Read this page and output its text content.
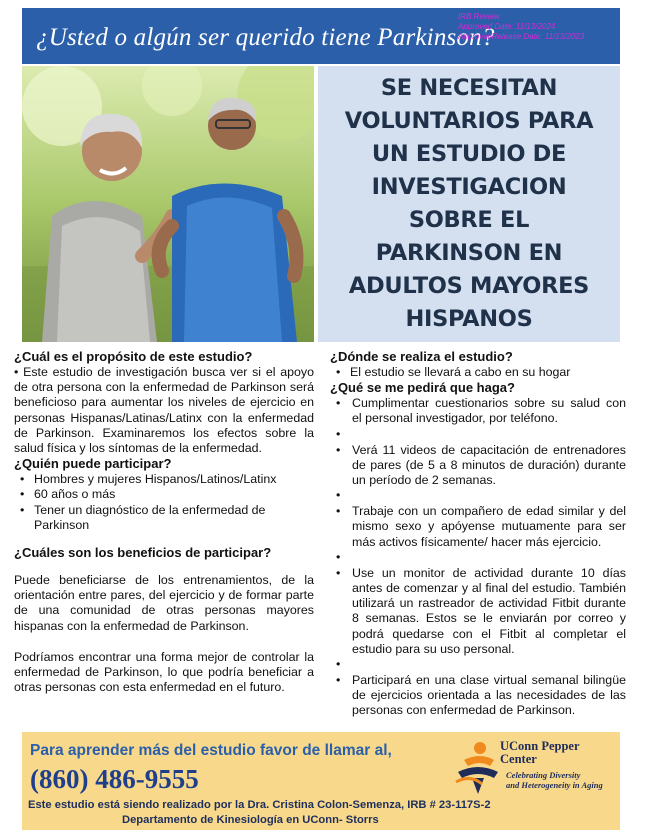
¿Usted o algún ser querido tiene Parkinson?
IRB Review
Approved Date: 11/13/2024
Approval/Release Date: 11/13/2023
SE NECESITAN
VOLUNTARIOS PARA
UN ESTUDIO DE
INVESTIGACION
SOBRE EL
PARKINSON EN
ADULTOS MAYORES
HISPANOS
¿Cuál es el propósito de este estudio?

• Este estudio de investigación busca ver si el apoyo de otra persona con la enfermedad de Parkinson será beneficioso para aumentar los niveles de ejercicio en personas Hispanas/Latinas/Latinx con la enfermedad de Parkinson. Examinaremos los efectos sobre la salud física y los síntomas de la enfermedad.

¿Quién puede participar?
• Hombres y mujeres Hispanos/Latinos/Latinx
• 60 años o más
• Tener un diagnóstico de la enfermedad de Parkinson
¿Cuáles son los beneficios de participar?

Puede beneficiarse de los entrenamientos, de la orientación entre pares, del ejercicio y de formar parte de una comunidad de otras personas mayores hispanas con la enfermedad de Parkinson.

Podríamos encontrar una forma mejor de controlar la enfermedad de Parkinson, lo que podría beneficiar a otras personas con esta enfermedad en el futuro.

¿Dónde se realiza el estudio?
• El estudio se llevará a cabo en su hogar
¿Qué se me pedirá que haga?
• Cumplimentar cuestionarios sobre su salud con el personal investigador, por teléfono.
•
• Verá 11 videos de capacitación de entrenadores de pares (de 5 a 8 minutos de duración) durante un período de 2 semanas.
•
• Trabaje con un compañero de edad similar y del mismo sexo y apóyense mutuamente para ser más activos físicamente/ hacer más ejercicio.
•
• Use un monitor de actividad durante 10 días antes de comenzar y al final del estudio. También utilizará un rastreador de actividad Fitbit durante 8 semanas. Estos se le enviarán por correo y podrá quedarse con el Fitbit al completar el estudio para su uso personal.
•
• Participará en una clase virtual semanal bilingüe de ejercicios orientada a las necesidades de las personas con enfermedad de Parkinson.
Para aprender más del estudio favor de llamar al,
(860) 486-9555
Este estudio está siendo realizado por la Dra. Cristina Colon-Semenza, IRB # 23-117S-2
Departamento de Kinesiología en UConn- Storrs
UConn Pepper
Center
Celebrating Diversity
and Heterogeneity in Aging
